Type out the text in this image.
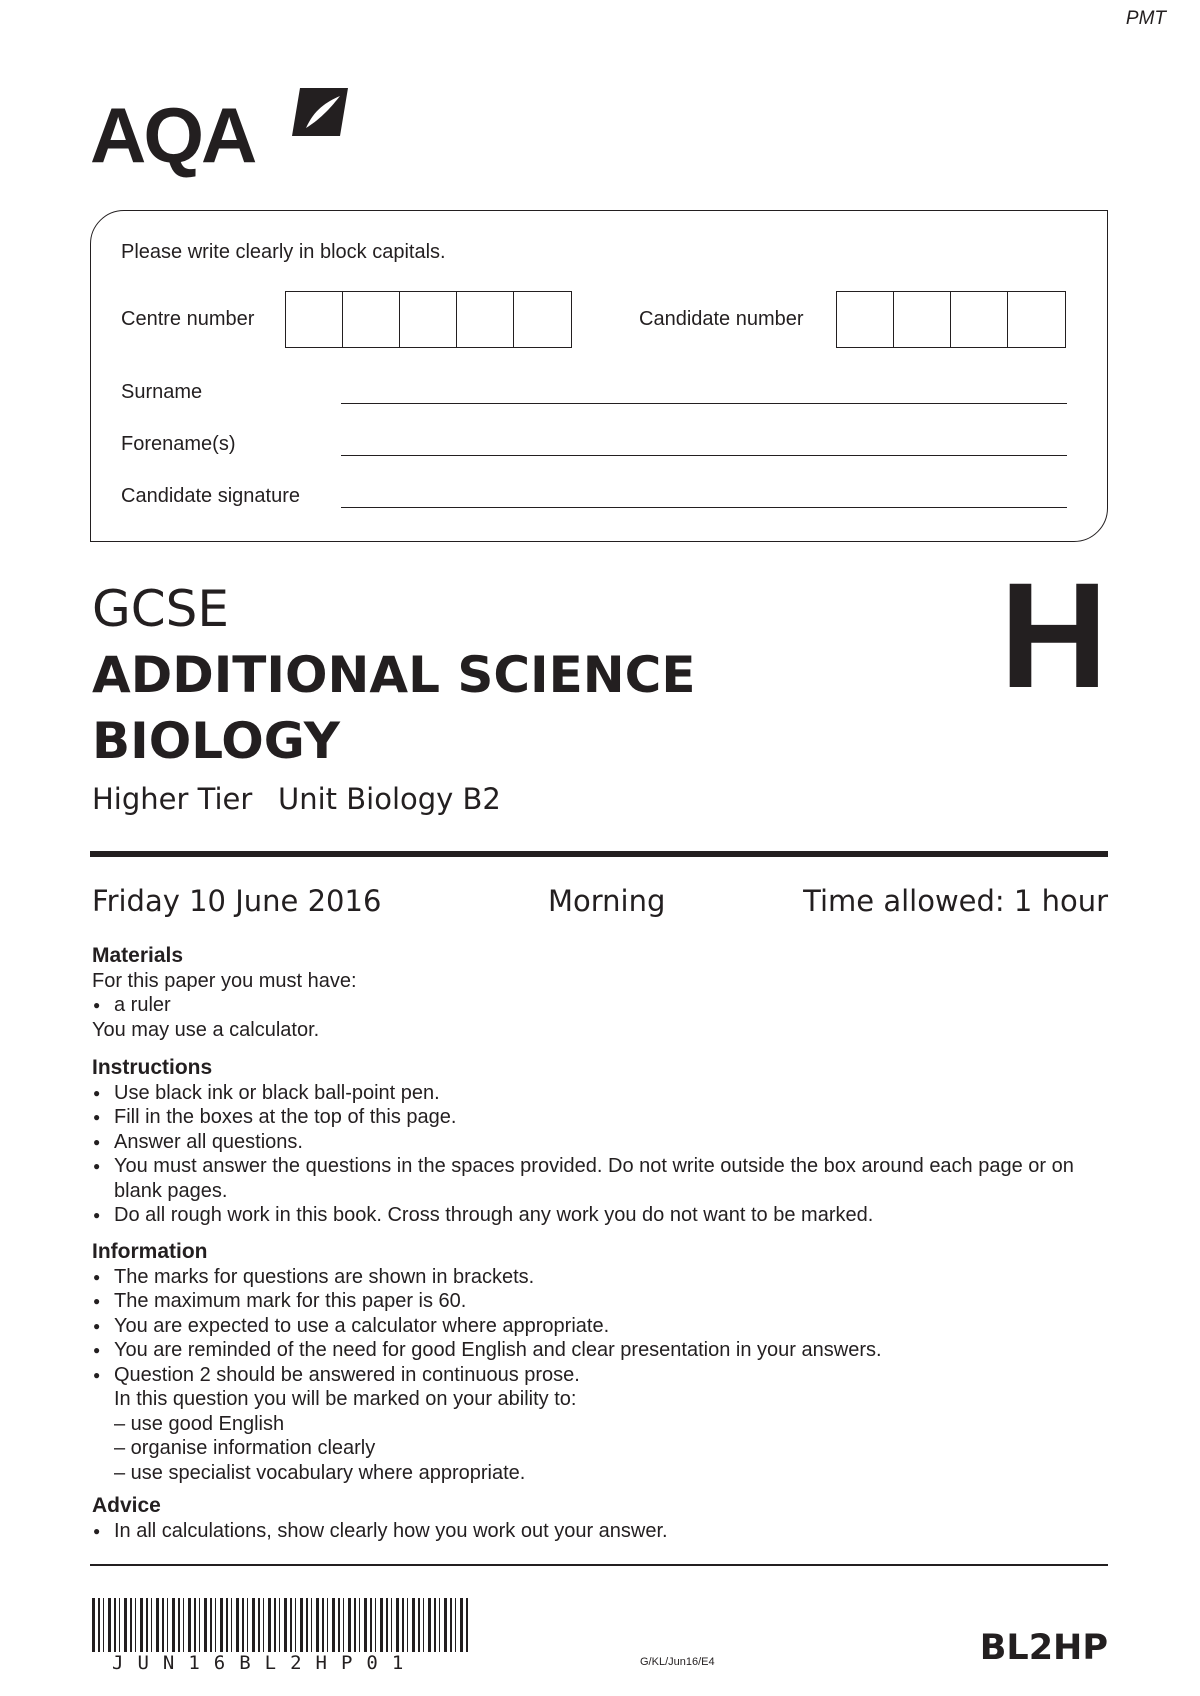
PMT
AQA
Please write clearly in block capitals.
Centre number	Candidate number
Surname
Forename(s)
Candidate signature
GCSE
ADDITIONAL SCIENCE
BIOLOGY
Higher Tier Unit Biology B2
H
Friday 10 June 2016	Morning	Time allowed: 1 hour
Materials

For this paper you must have:

● a ruler

You may use a calculator.

Instructions
● Use black ink or black ball-point pen.
● Fill in the boxes at the top of this page.
● Answer all questions.
● You must answer the questions in the spaces provided. Do not write outside the box around each page or on blank pages.
● Do all rough work in this book. Cross through any work you do not want to be marked.
Information
● The marks for questions are shown in brackets.
● The maximum mark for this paper is 60.
● You are expected to use a calculator where appropriate.
● You are reminded of the need for good English and clear presentation in your answers.
● Question 2 should be answered in continuous prose.

In this question you will be marked on your ability to:

– use good English

– organise information clearly

– use specialist vocabulary where appropriate.

Advice
● In all calculations, show clearly how you work out your answer.
JUN16BL2HP01	G/KL/Jun16/E4	BL2HP
